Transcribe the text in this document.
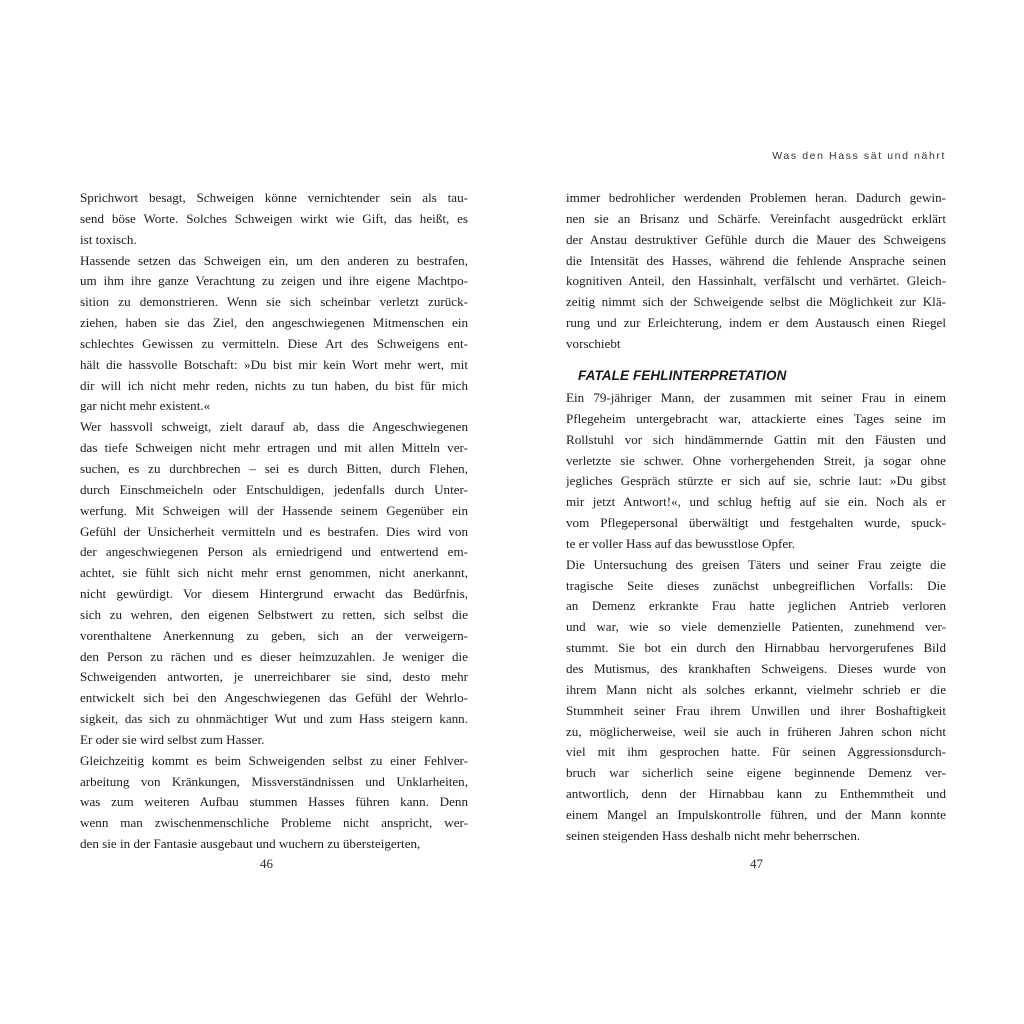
Sprichwort besagt, Schweigen könne vernichtender sein als tau-
send böse Worte. Solches Schweigen wirkt wie Gift, das heißt, es
ist toxisch.
Hassende setzen das Schweigen ein, um den anderen zu bestrafen,
um ihm ihre ganze Verachtung zu zeigen und ihre eigene Machtpo-
sition zu demonstrieren. Wenn sie sich scheinbar verletzt zurück-
ziehen, haben sie das Ziel, den angeschwiegenen Mitmenschen ein
schlechtes Gewissen zu vermitteln. Diese Art des Schweigens ent-
hält die hassvolle Botschaft: »Du bist mir kein Wort mehr wert, mit
dir will ich nicht mehr reden, nichts zu tun haben, du bist für mich
gar nicht mehr existent.«
Wer hassvoll schweigt, zielt darauf ab, dass die Angeschwiegenen
das tiefe Schweigen nicht mehr ertragen und mit allen Mitteln ver-
suchen, es zu durchbrechen – sei es durch Bitten, durch Flehen,
durch Einschmeicheln oder Entschuldigen, jedenfalls durch Unter-
werfung. Mit Schweigen will der Hassende seinem Gegenüber ein
Gefühl der Unsicherheit vermitteln und es bestrafen. Dies wird von
der angeschwiegenen Person als erniedrigend und entwertend em-
achtet, sie fühlt sich nicht mehr ernst genommen, nicht anerkannt,
nicht gewürdigt. Vor diesem Hintergrund erwacht das Bedürfnis,
sich zu wehren, den eigenen Selbstwert zu retten, sich selbst die
vorenthaltene Anerkennung zu geben, sich an der verweigern-
den Person zu rächen und es dieser heimzuzahlen. Je weniger die
Schweigenden antworten, je unerreichbarer sie sind, desto mehr
entwickelt sich bei den Angeschwiegenen das Gefühl der Wehrlo-
sigkeit, das sich zu ohnmächtiger Wut und zum Hass steigern kann.
Er oder sie wird selbst zum Hasser.
Gleichzeitig kommt es beim Schweigenden selbst zu einer Fehlver-
arbeitung von Kränkungen, Missverständnissen und Unklarheiten,
was zum weiteren Aufbau stummen Hasses führen kann. Denn
wenn man zwischenmenschliche Probleme nicht anspricht, wer-
den sie in der Fantasie ausgebaut und wuchern zu übersteigerten,
46
Was den Hass sät und nährt
immer bedrohlicher werdenden Problemen heran. Dadurch gewin-
nen sie an Brisanz und Schärfe. Vereinfacht ausgedrückt erklärt
der Anstau destruktiver Gefühle durch die Mauer des Schweigens
die Intensität des Hasses, während die fehlende Ansprache seinen
kognitiven Anteil, den Hassinhalt, verfälscht und verhärtet. Gleich-
zeitig nimmt sich der Schweigende selbst die Möglichkeit zur Klä-
rung und zur Erleichterung, indem er dem Austausch einen Riegel
vorschiebt
FATALE FEHLINTERPRETATION
Ein 79-jähriger Mann, der zusammen mit seiner Frau in einem
Pflegeheim untergebracht war, attackierte eines Tages seine im
Rollstuhl vor sich hindämmernde Gattin mit den Fäusten und
verletzte sie schwer. Ohne vorhergehenden Streit, ja sogar ohne
jegliches Gespräch stürzte er sich auf sie, schrie laut: »Du gibst
mir jetzt Antwort!«, und schlug heftig auf sie ein. Noch als er
vom Pflegepersonal überwältigt und festgehalten wurde, spuck-
te er voller Hass auf das bewusstlose Opfer.
Die Untersuchung des greisen Täters und seiner Frau zeigte die
tragische Seite dieses zunächst unbegreiflichen Vorfalls: Die
an Demenz erkrankte Frau hatte jeglichen Antrieb verloren
und war, wie so viele demenzielle Patienten, zunehmend ver-
stummt. Sie bot ein durch den Hirnabbau hervorgerufenes Bild
des Mutismus, des krankhaften Schweigens. Dieses wurde von
ihrem Mann nicht als solches erkannt, vielmehr schrieb er die
Stummheit seiner Frau ihrem Unwillen und ihrer Boshaftigkeit
zu, möglicherweise, weil sie auch in früheren Jahren schon nicht
viel mit ihm gesprochen hatte. Für seinen Aggressionsdurch-
bruch war sicherlich seine eigene beginnende Demenz ver-
antwortlich, denn der Hirnabbau kann zu Enthemmtheit und
einem Mangel an Impulskontrolle führen, und der Mann konnte
seinen steigenden Hass deshalb nicht mehr beherrschen.
47
